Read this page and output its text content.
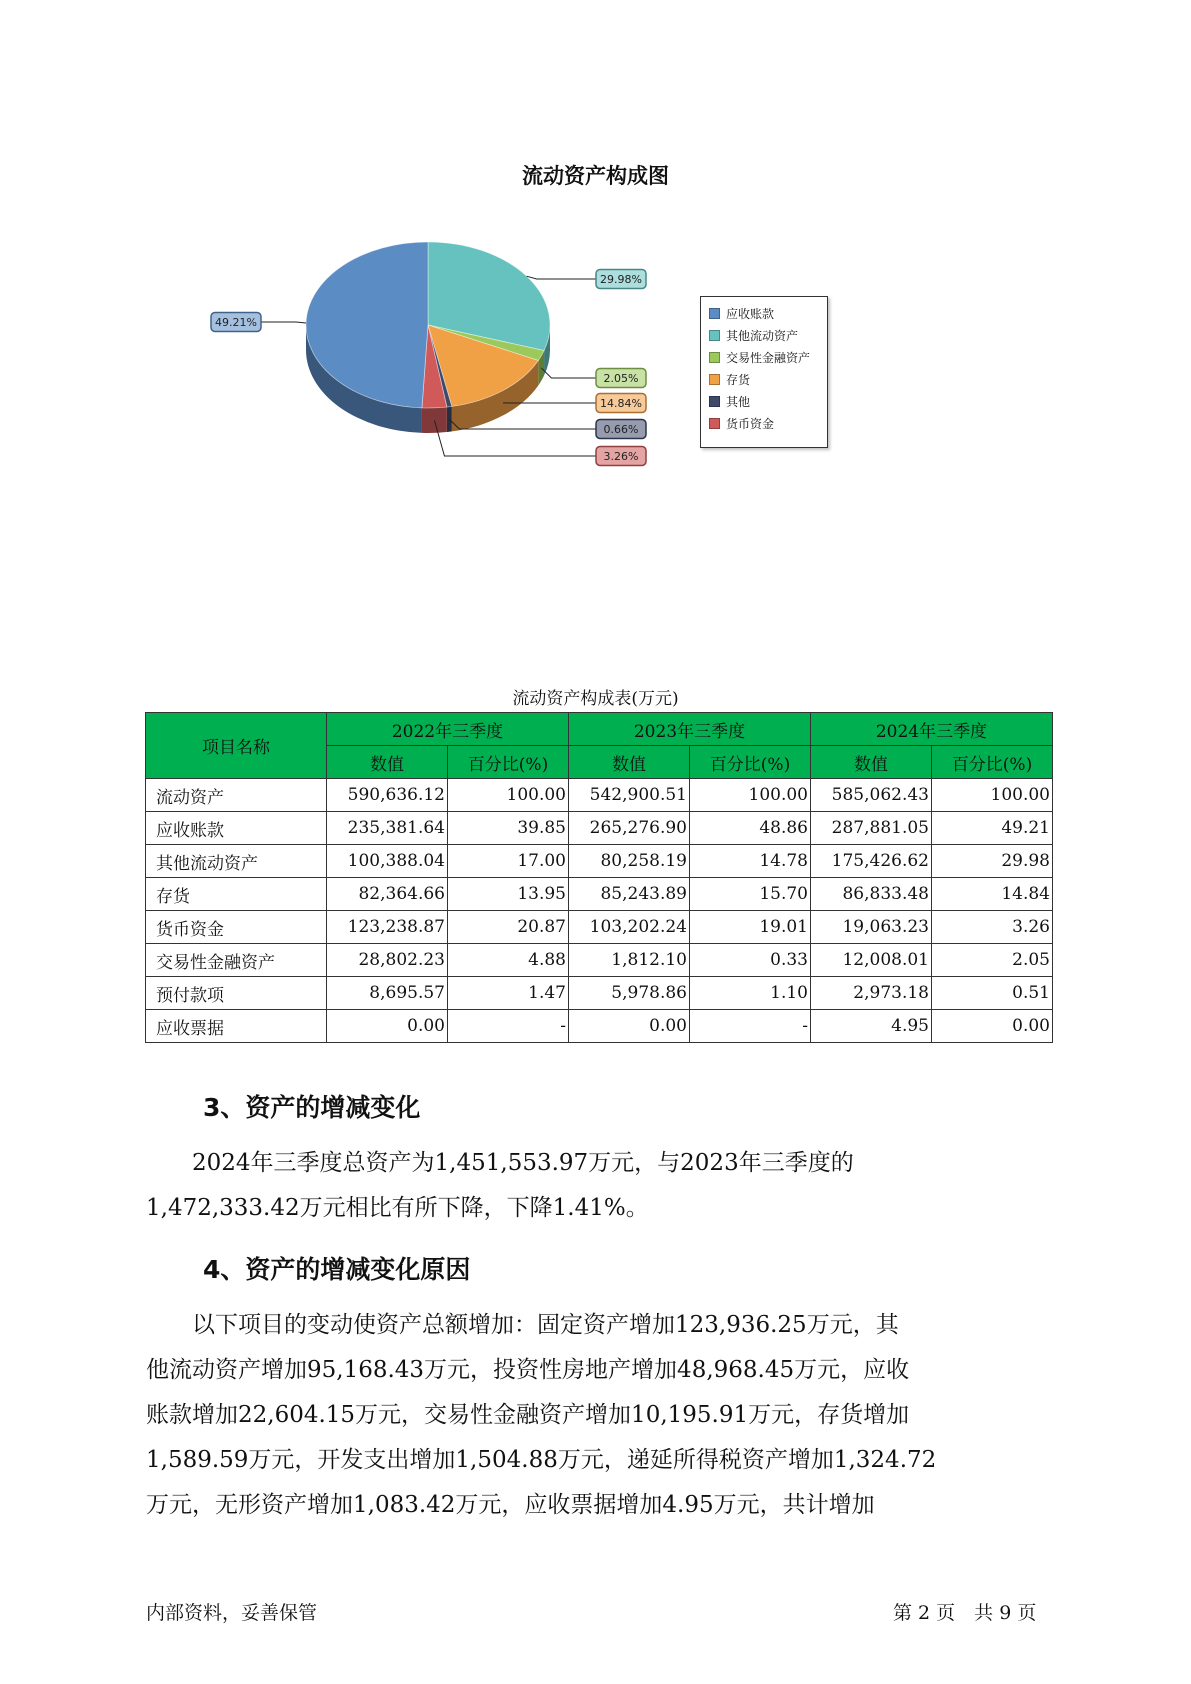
流动资产构成图
29.98%
2.05%
14.84%
0.66%
3.26%
49.21%
应收账款
其他流动资产
交易性金融资产
存货
其他
货币资金
流动资产构成表(万元)
项目名称	2022年三季度		2023年三季度		2024年三季度	
	数值	百分比(%)	数值	百分比(%)	数值	百分比(%)
流动资产	590,636.12	100.00	542,900.51	100.00	585,062.43	100.00
应收账款	235,381.64	39.85	265,276.90	48.86	287,881.05	49.21
其他流动资产	100,388.04	17.00	80,258.19	14.78	175,426.62	29.98
存货	82,364.66	13.95	85,243.89	15.70	86,833.48	14.84
货币资金	123,238.87	20.87	103,202.24	19.01	19,063.23	3.26
交易性金融资产	28,802.23	4.88	1,812.10	0.33	12,008.01	2.05
预付款项	8,695.57	1.47	5,978.86	1.10	2,973.18	0.51
应收票据	0.00	-	0.00	-	4.95	0.00
3、资产的增减变化
　　2024年三季度总资产为1,451,553.97万元，与2023年三季度的
1,472,333.42万元相比有所下降，下降1.41%。
4、资产的增减变化原因
　　以下项目的变动使资产总额增加：固定资产增加123,936.25万元，其
他流动资产增加95,168.43万元，投资性房地产增加48,968.45万元，应收
账款增加22,604.15万元，交易性金融资产增加10,195.91万元，存货增加
1,589.59万元，开发支出增加1,504.88万元，递延所得税资产增加1,324.72
万元，无形资产增加1,083.42万元，应收票据增加4.95万元，共计增加
内部资料，妥善保管	第 2 页　共 9 页
